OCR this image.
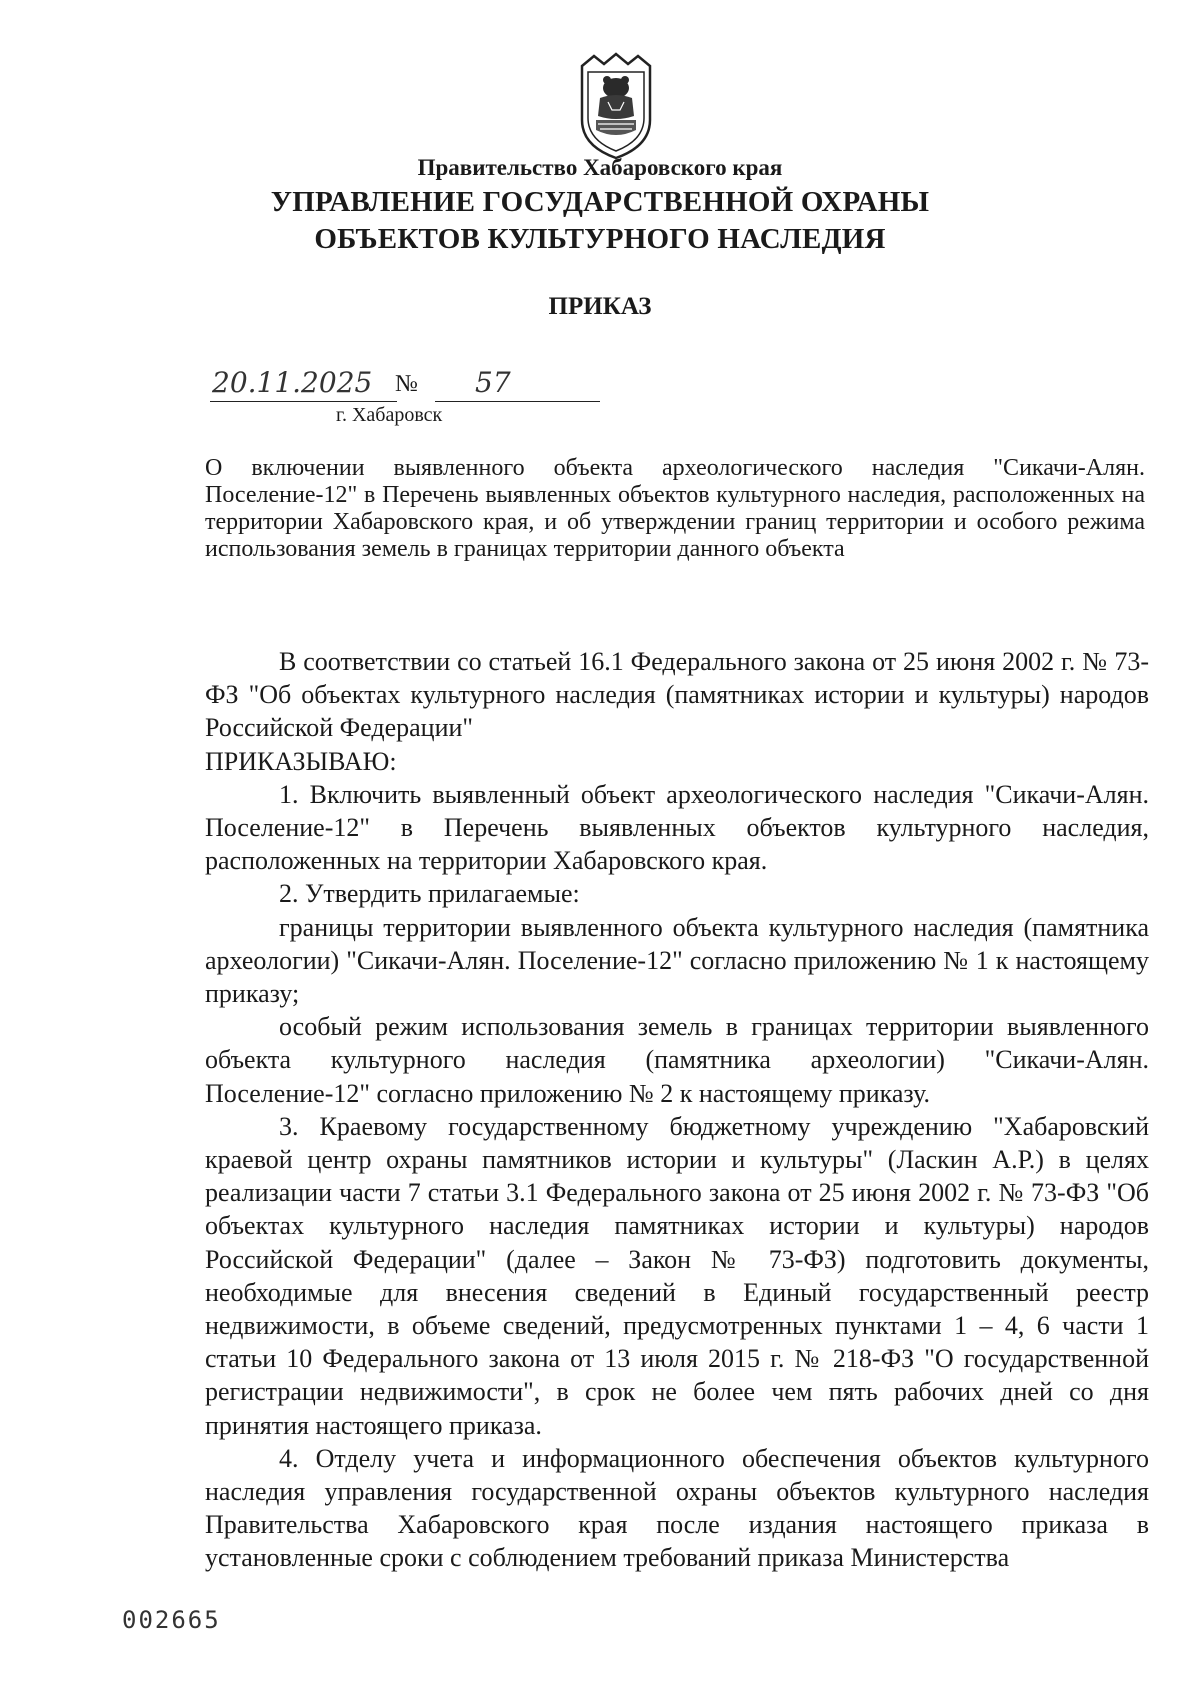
Правительство Хабаровского края
УПРАВЛЕНИЕ ГОСУДАРСТВЕННОЙ ОХРАНЫ
ОБЪЕКТОВ КУЛЬТУРНОГО НАСЛЕДИЯ
ПРИКАЗ
20.11.2025 №	57
г. Хабаровск
О включении выявленного объекта археологического наследия "Сикачи-Алян. Поселение-12" в Перечень выявленных объектов культурного наследия, расположенных на территории Хабаровского края, и об утверждении границ территории и особого режима использования земель в границах территории данного объекта

В соответствии со статьей 16.1 Федерального закона от 25 июня 2002 г. № 73-ФЗ "Об объектах культурного наследия (памятниках истории и культуры) народов Российской Федерации"

ПРИКАЗЫВАЮ:

1. Включить выявленный объект археологического наследия "Сикачи-Алян. Поселение-12" в Перечень выявленных объектов культурного наследия, расположенных на территории Хабаровского края.

2. Утвердить прилагаемые:

границы территории выявленного объекта культурного наследия (памятника археологии) "Сикачи-Алян. Поселение-12" согласно приложению № 1 к настоящему приказу;

особый режим использования земель в границах территории выявленного объекта культурного наследия (памятника археологии) "Сикачи-Алян. Поселение-12" согласно приложению № 2 к настоящему приказу.

3. Краевому государственному бюджетному учреждению "Хабаровский краевой центр охраны памятников истории и культуры" (Ласкин А.Р.) в целях реализации части 7 статьи 3.1 Федерального закона от 25 июня 2002 г. № 73-ФЗ "Об объектах культурного наследия памятниках истории и культуры) народов Российской Федерации" (далее – Закон № 73-ФЗ) подготовить документы, необходимые для внесения сведений в Единый государственный реестр недвижимости, в объеме сведений, предусмотренных пунктами 1 – 4, 6 части 1 статьи 10 Федерального закона от 13 июля 2015 г. № 218-ФЗ "О государственной регистрации недвижимости", в срок не более чем пять рабочих дней со дня принятия настоящего приказа.

4. Отделу учета и информационного обеспечения объектов культурного наследия управления государственной охраны объектов культурного наследия Правительства Хабаровского края после издания настоящего приказа в установленные сроки с соблюдением требований приказа Министерства

002665
